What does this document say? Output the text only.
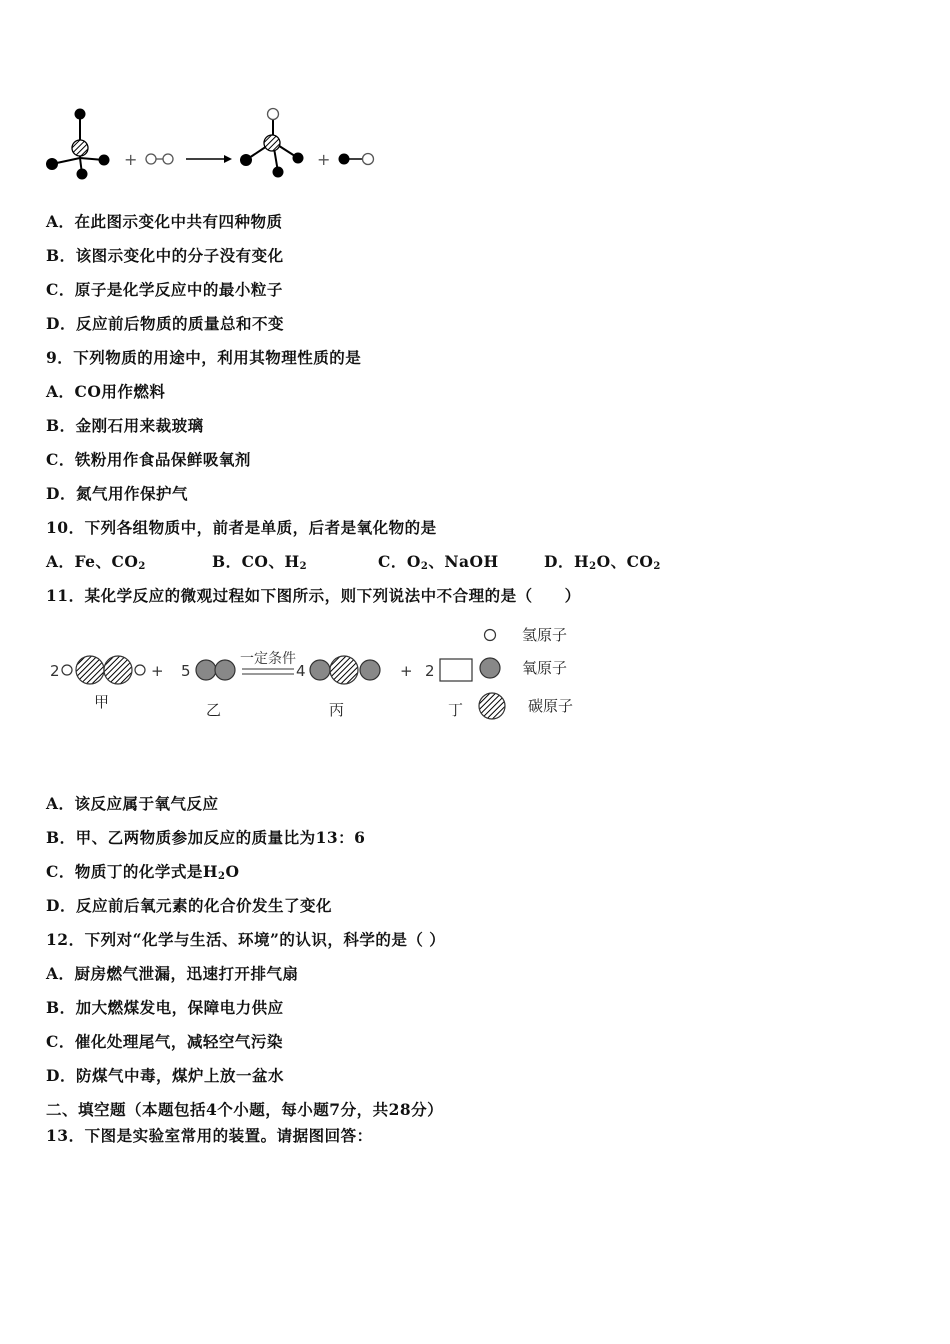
+	+
A．在此图示变化中共有四种物质
B．该图示变化中的分子没有变化
C．原子是化学反应中的最小粒子
D．反应前后物质的质量总和不变
9．下列物质的用途中，利用其物理性质的是
A．CO用作燃料
B．金刚石用来裁玻璃
C．铁粉用作食品保鲜吸氧剂
D．氮气用作保护气
10．下列各组物质中，前者是单质，后者是氧化物的是
A．Fe、$CO_2$	B．CO、$H_2$	C．$O_2$、NaOH	D．$H_2O$、$CO_2$
11．某化学反应的微观过程如下图所示，则下列说法中不合理的是（　　）
2	+
甲
5
乙
一定条件
4
丙
+ 2
丁
氢原子
氧原子
碳原子
A．该反应属于氧气反应
B．甲、乙两物质参加反应的质量比为13：6
C．物质丁的化学式是$H_2O$
D．反应前后氧元素的化合价发生了变化
12．下列对“化学与生活、环境”的认识，科学的是（ ）
A．厨房燃气泄漏，迅速打开排气扇
B．加大燃煤发电，保障电力供应
C．催化处理尾气，减轻空气污染
D．防煤气中毒，煤炉上放一盆水
二、填空题（本题包括4个小题，每小题7分，共28分）
13．下图是实验室常用的装置。请据图回答：
